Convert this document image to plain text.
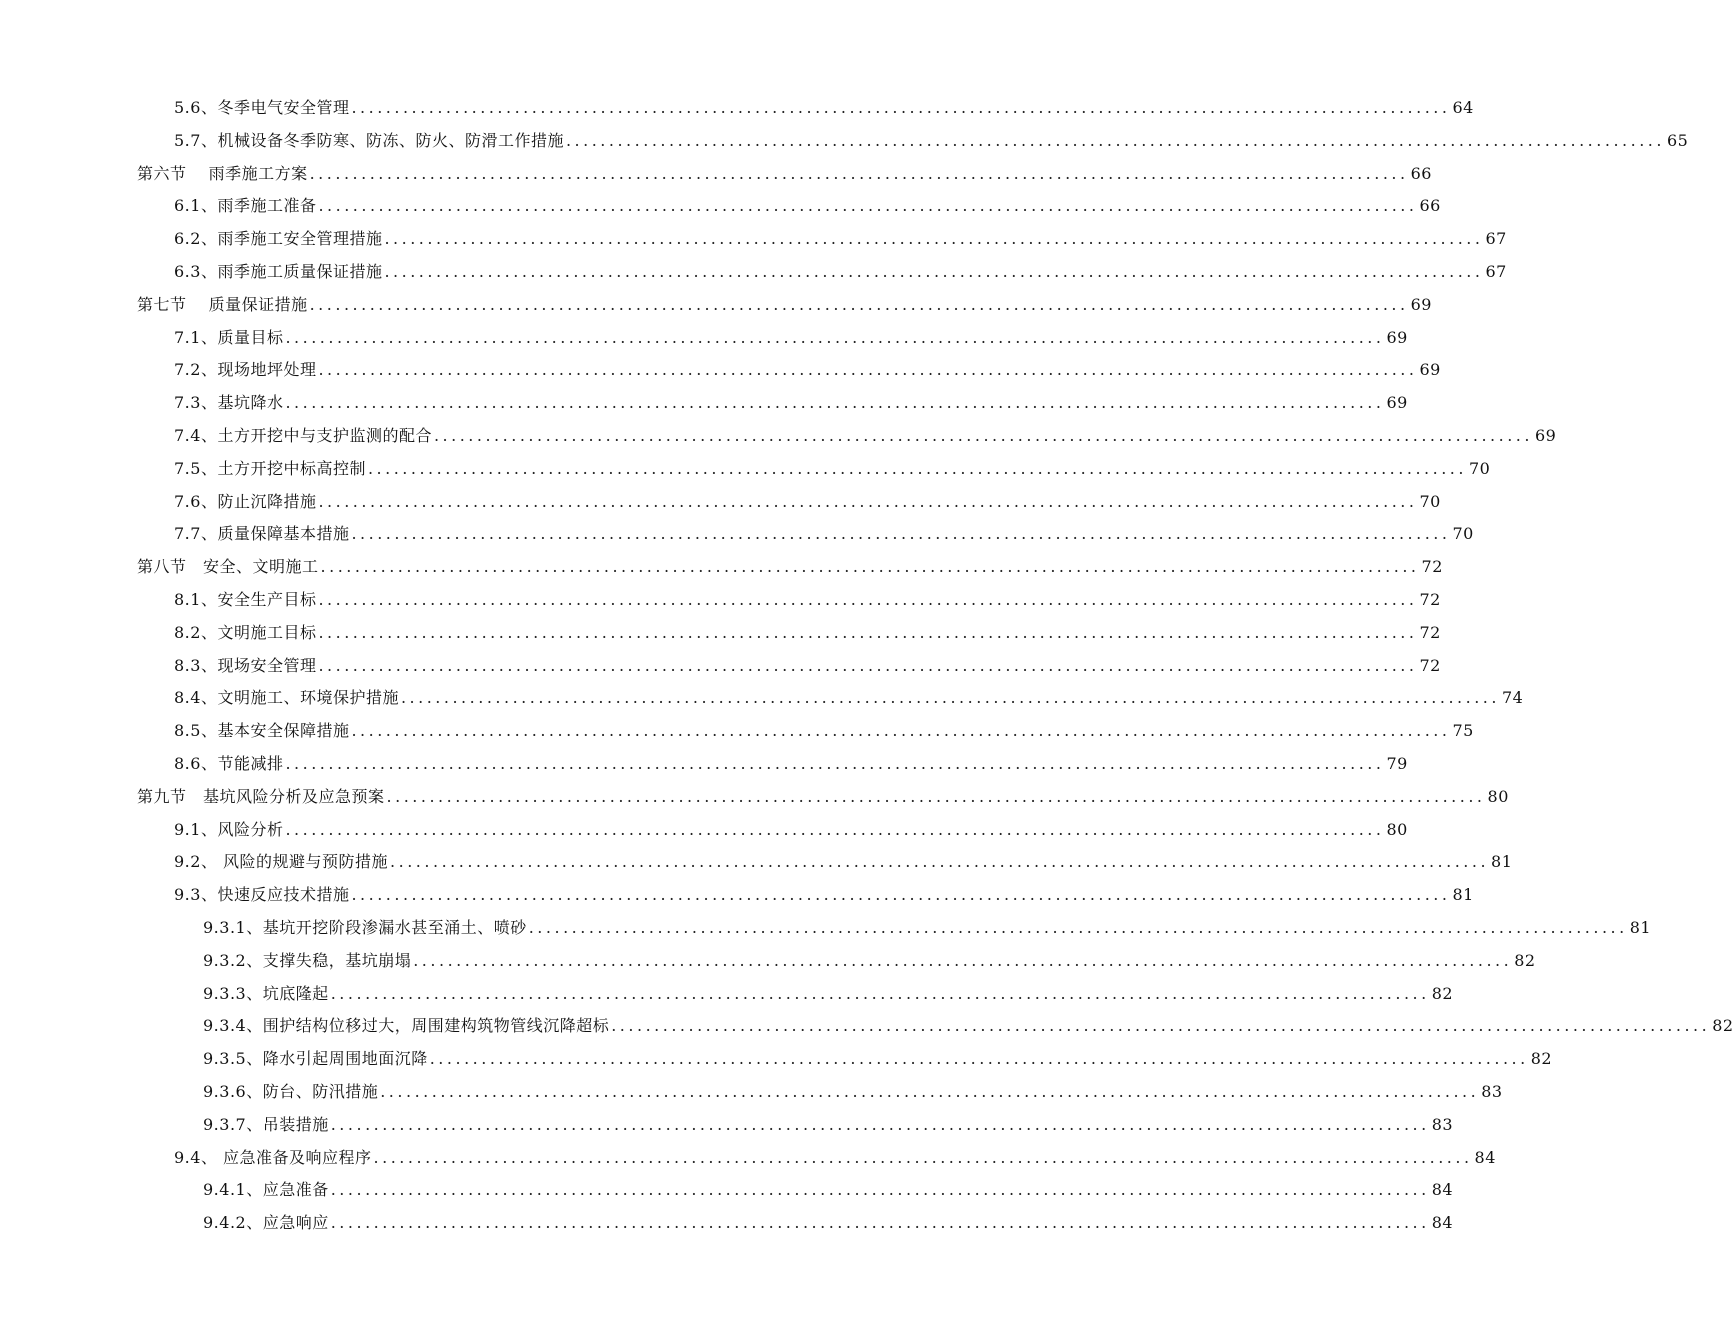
5.6、冬季电气安全管理 ................................................................................................................................ 64
5.7、机械设备冬季防寒、防冻、防火、防滑工作措施 ................................................................................................................................ 65
第六节　 雨季施工方案 ................................................................................................................................ 66
6.1、雨季施工准备 ................................................................................................................................ 66
6.2、雨季施工安全管理措施 ................................................................................................................................ 67
6.3、雨季施工质量保证措施 ................................................................................................................................ 67
第七节　 质量保证措施 ................................................................................................................................ 69
7.1、质量目标 ................................................................................................................................ 69
7.2、现场地坪处理 ................................................................................................................................ 69
7.3、基坑降水 ................................................................................................................................ 69
7.4、土方开挖中与支护监测的配合 ................................................................................................................................ 69
7.5、土方开挖中标高控制 ................................................................................................................................ 70
7.6、防止沉降措施 ................................................................................................................................ 70
7.7、质量保障基本措施 ................................................................................................................................ 70
第八节　安全、文明施工 ................................................................................................................................ 72
8.1、安全生产目标 ................................................................................................................................ 72
8.2、文明施工目标 ................................................................................................................................ 72
8.3、现场安全管理 ................................................................................................................................ 72
8.4、文明施工、环境保护措施 ................................................................................................................................ 74
8.5、基本安全保障措施 ................................................................................................................................ 75
8.6、节能减排 ................................................................................................................................ 79
第九节　基坑风险分析及应急预案 ................................................................................................................................ 80
9.1、风险分析 ................................................................................................................................ 80
9.2、 风险的规避与预防措施 ................................................................................................................................ 81
9.3、快速反应技术措施 ................................................................................................................................ 81
9.3.1、基坑开挖阶段渗漏水甚至涌土、喷砂 ................................................................................................................................ 81
9.3.2、支撑失稳，基坑崩塌 ................................................................................................................................ 82
9.3.3、坑底隆起 ................................................................................................................................ 82
9.3.4、围护结构位移过大，周围建构筑物管线沉降超标 ................................................................................................................................ 82
9.3.5、降水引起周围地面沉降 ................................................................................................................................ 82
9.3.6、防台、防汛措施 ................................................................................................................................ 83
9.3.7、吊装措施 ................................................................................................................................ 83
9.4、 应急准备及响应程序 ................................................................................................................................ 84
9.4.1、应急准备 ................................................................................................................................ 84
9.4.2、应急响应 ................................................................................................................................ 84
